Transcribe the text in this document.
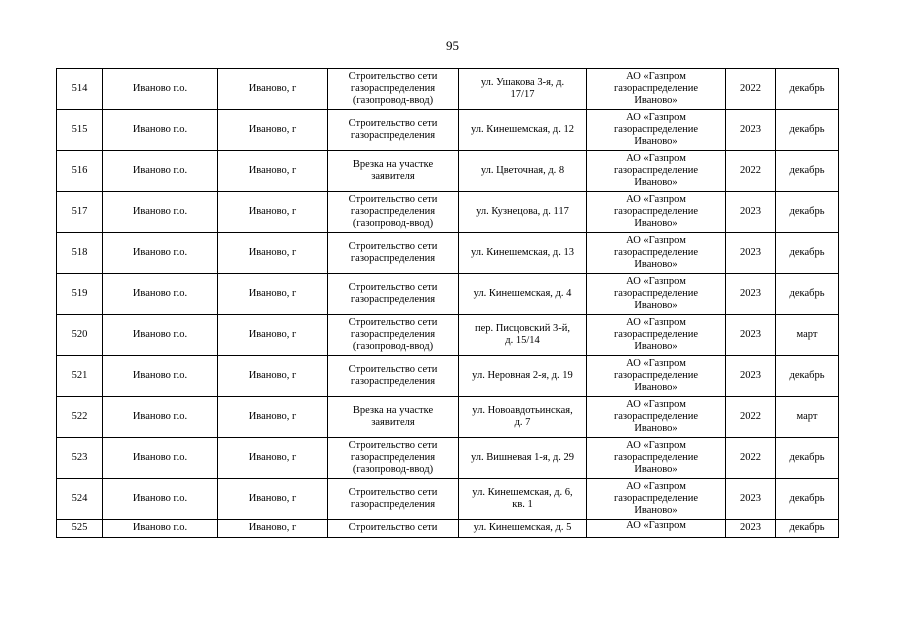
95
514	Иваново г.о.	Иваново, г	Строительство сети
газораспределения
(газопровод-ввод)	ул. Ушакова 3-я, д.
17/17	АО «Газпром
газораспределение
Иваново»	2022	декабрь
515	Иваново г.о.	Иваново, г	Строительство сети
газораспределения	ул. Кинешемская, д. 12	АО «Газпром
газораспределение
Иваново»	2023	декабрь
516	Иваново г.о.	Иваново, г	Врезка на участке
заявителя	ул. Цветочная, д. 8	АО «Газпром
газораспределение
Иваново»	2022	декабрь
517	Иваново г.о.	Иваново, г	Строительство сети
газораспределения
(газопровод-ввод)	ул. Кузнецова, д. 117	АО «Газпром
газораспределение
Иваново»	2023	декабрь
518	Иваново г.о.	Иваново, г	Строительство сети
газораспределения	ул. Кинешемская, д. 13	АО «Газпром
газораспределение
Иваново»	2023	декабрь
519	Иваново г.о.	Иваново, г	Строительство сети
газораспределения	ул. Кинешемская, д. 4	АО «Газпром
газораспределение
Иваново»	2023	декабрь
520	Иваново г.о.	Иваново, г	Строительство сети
газораспределения
(газопровод-ввод)	пер. Писцовский 3-й,
д. 15/14	АО «Газпром
газораспределение
Иваново»	2023	март
521	Иваново г.о.	Иваново, г	Строительство сети
газораспределения	ул. Неровная 2-я, д. 19	АО «Газпром
газораспределение
Иваново»	2023	декабрь
522	Иваново г.о.	Иваново, г	Врезка на участке
заявителя	ул. Новоавдотьинская,
д. 7	АО «Газпром
газораспределение
Иваново»	2022	март
523	Иваново г.о.	Иваново, г	Строительство сети
газораспределения
(газопровод-ввод)	ул. Вишневая 1-я, д. 29	АО «Газпром
газораспределение
Иваново»	2022	декабрь
524	Иваново г.о.	Иваново, г	Строительство сети
газораспределения	ул. Кинешемская, д. 6,
кв. 1	АО «Газпром
газораспределение
Иваново»	2023	декабрь
525	Иваново г.о.	Иваново, г	Строительство сети	ул. Кинешемская, д. 5	АО «Газпром	2023	декабрь
